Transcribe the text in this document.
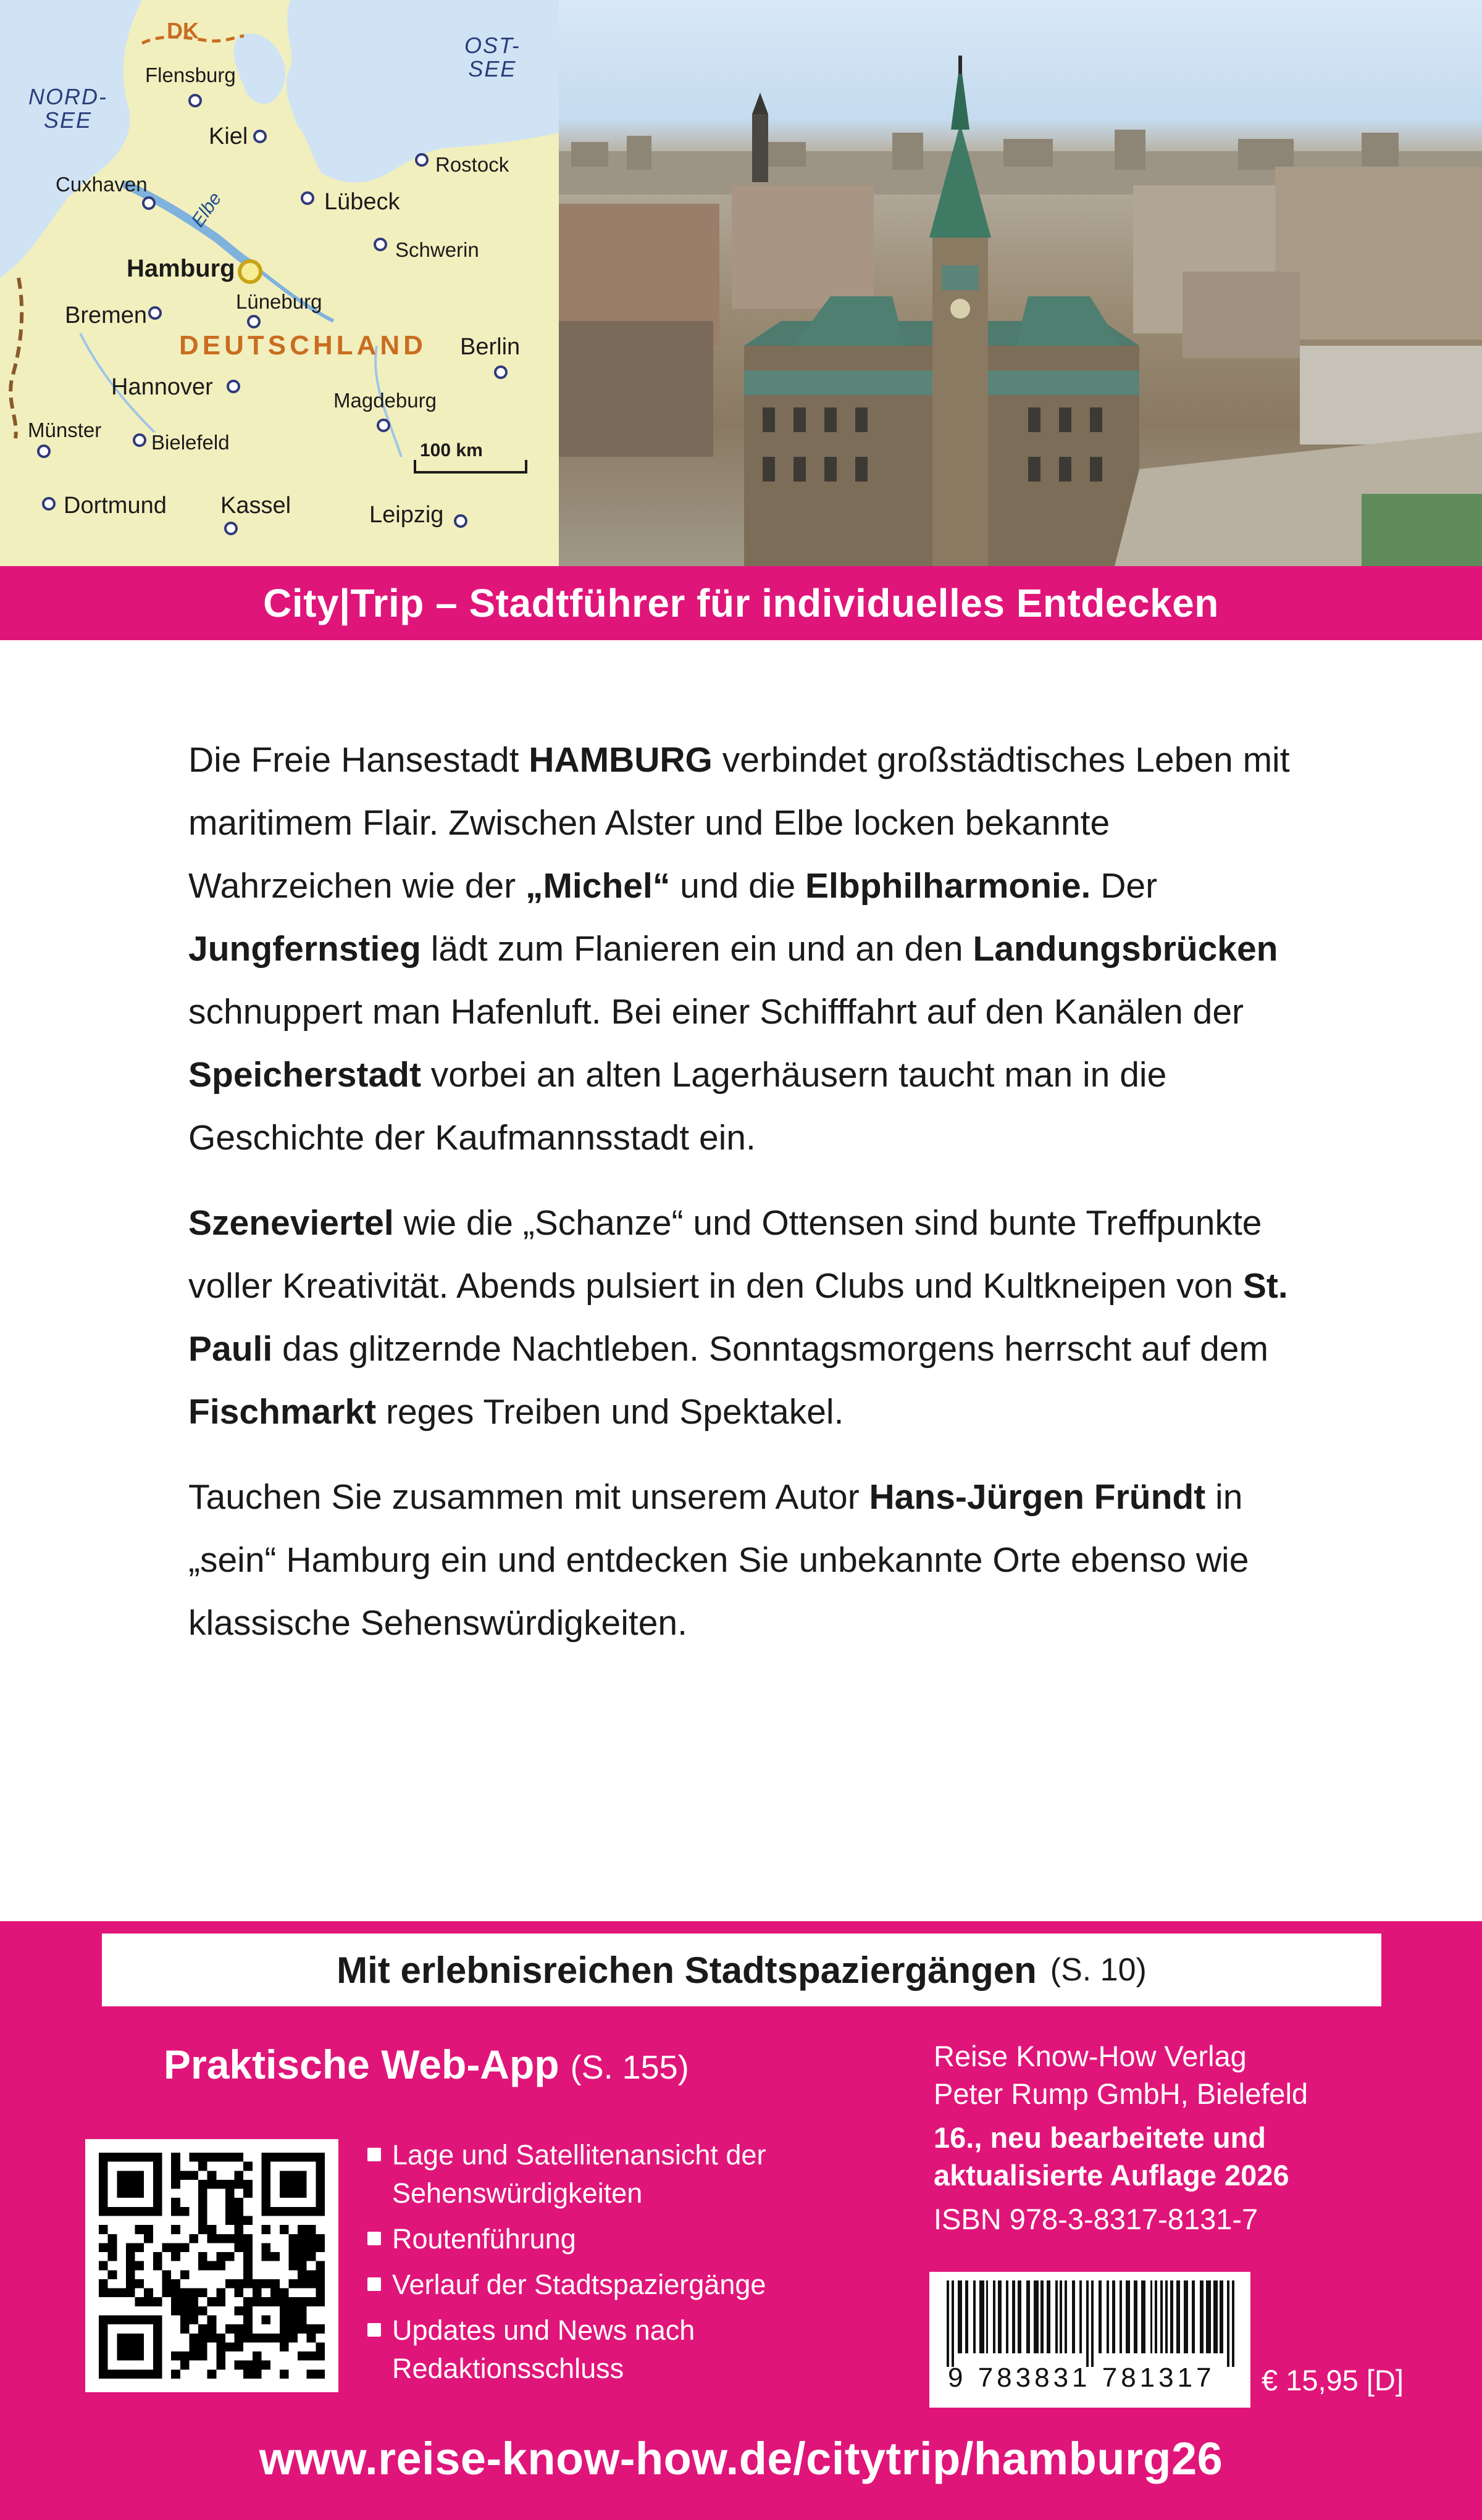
NORD-
SEE
OST-
SEE
DK
DEUTSCHLAND
Elbe
100 km
Flensburg
Kiel
Rostock
Cuxhaven
Lübeck
Schwerin
Hamburg
Lüneburg
Bremen
Berlin
Hannover
Magdeburg
Münster
Bielefeld
Dortmund Kassel	Leipzig
City|Trip – Stadtführer für individuelles Entdecken

Die Freie Hansestadt HAMBURG verbindet großstädtisches Leben mit maritimem Flair. Zwischen Alster und Elbe locken bekannte Wahrzeichen wie der „Michel“ und die Elbphilharmonie. Der Jungfernstieg lädt zum Flanieren ein und an den Landungsbrücken schnuppert man Hafenluft. Bei einer Schifffahrt auf den Kanälen der Speicherstadt vorbei an alten Lagerhäusern taucht man in die Geschichte der Kaufmannsstadt ein.

Szeneviertel wie die „Schanze“ und Ottensen sind bunte Treffpunkte voller Kreativität. Abends pulsiert in den Clubs und Kultkneipen von St. Pauli das glitzernde Nachtleben. Sonntagsmorgens herrscht auf dem Fischmarkt reges Treiben und Spektakel.

Tauchen Sie zusammen mit unserem Autor Hans-Jürgen Fründt in „sein“ Hamburg ein und entdecken Sie unbekannte Orte ebenso wie klassische Sehenswürdigkeiten.

Mit erlebnisreichen Stadtspaziergängen (S. 10)
Praktische Web-App (S. 155)
Lage und Satellitenansicht der Sehenswürdigkeiten
Routenführung
Verlauf der Stadtspaziergänge
Updates und News nach Redaktionsschluss
Reise Know-How Verlag
Peter Rump GmbH, Bielefeld
16., neu bearbeitete und
aktualisierte Auflage 2026
ISBN 978-3-8317-8131-7
9 783831 781317	€ 15,95 [D]
www.reise-know-how.de/citytrip/hamburg26
